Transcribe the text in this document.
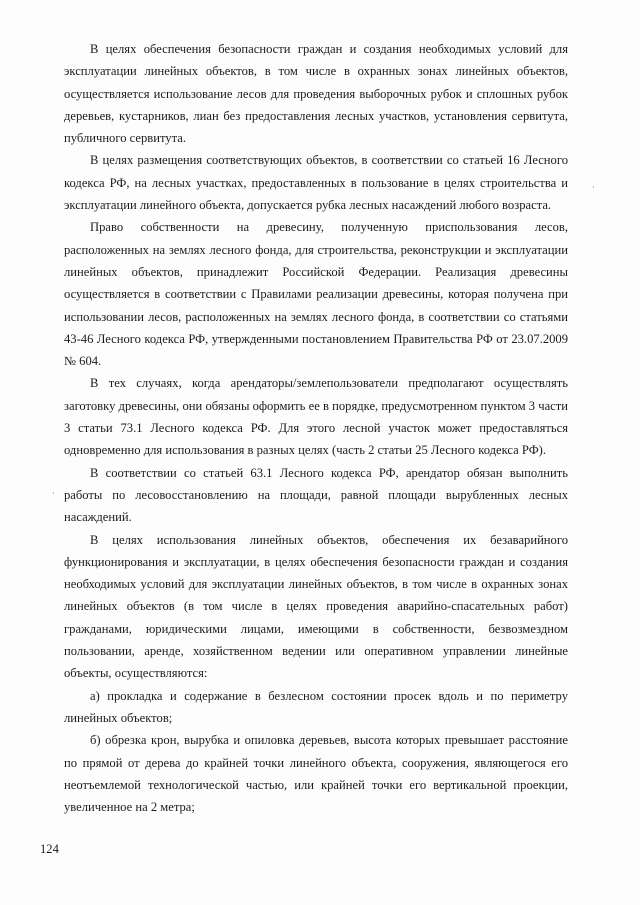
В целях обеспечения безопасности граждан и создания необходимых условий для эксплуатации линейных объектов, в том числе в охранных зонах линейных объектов, осуществляется использование лесов для проведения выборочных рубок и сплошных рубок деревьев, кустарников, лиан без предоставления лесных участков, установления сервитута, публичного сервитута.

В целях размещения соответствующих объектов, в соответствии со статьей 16 Лесного кодекса РФ, на лесных участках, предоставленных в пользование в целях строительства и эксплуатации линейного объекта, допускается рубка лесных насаждений любого возраста.

Право собственности на древесину, полученную приспользования лесов, расположенных на землях лесного фонда, для строительства, реконструкции и эксплуатации линейных объектов, принадлежит Российской Федерации. Реализация древесины осуществляется в соответствии с Правилами реализации древесины, которая получена при использовании лесов, расположенных на землях лесного фонда, в соответствии со статьями 43-46 Лесного кодекса РФ, утвержденными постановлением Правительства РФ от 23.07.2009 № 604.

В тех случаях, когда арендаторы/землепользователи предполагают осуществлять заготовку древесины, они обязаны оформить ее в порядке, предусмотренном пунктом 3 части 3 статьи 73.1 Лесного кодекса РФ. Для этого лесной участок может предоставляться одновременно для использования в разных целях (часть 2 статьи 25 Лесного кодекса РФ).

В соответствии со статьей 63.1 Лесного кодекса РФ, арендатор обязан выполнить работы по лесовосстановлению на площади, равной площади вырубленных лесных насаждений.

В целях использования линейных объектов, обеспечения их безаварийного функционирования и эксплуатации, в целях обеспечения безопасности граждан и создания необходимых условий для эксплуатации линейных объектов, в том числе в охранных зонах линейных объектов (в том числе в целях проведения аварийно-спасательных работ) гражданами, юридическими лицами, имеющими в собственности, безвозмездном пользовании, аренде, хозяйственном ведении или оперативном управлении линейные объекты, осуществляются:

а) прокладка и содержание в безлесном состоянии просек вдоль и по периметру линейных объектов;

б) обрезка крон, вырубка и опиловка деревьев, высота которых превышает расстояние по прямой от дерева до крайней точки линейного объекта, сооружения, являющегося его неотъемлемой технологической частью, или крайней точки его вертикальной проекции, увеличенное на 2 метра;

124
·
·
